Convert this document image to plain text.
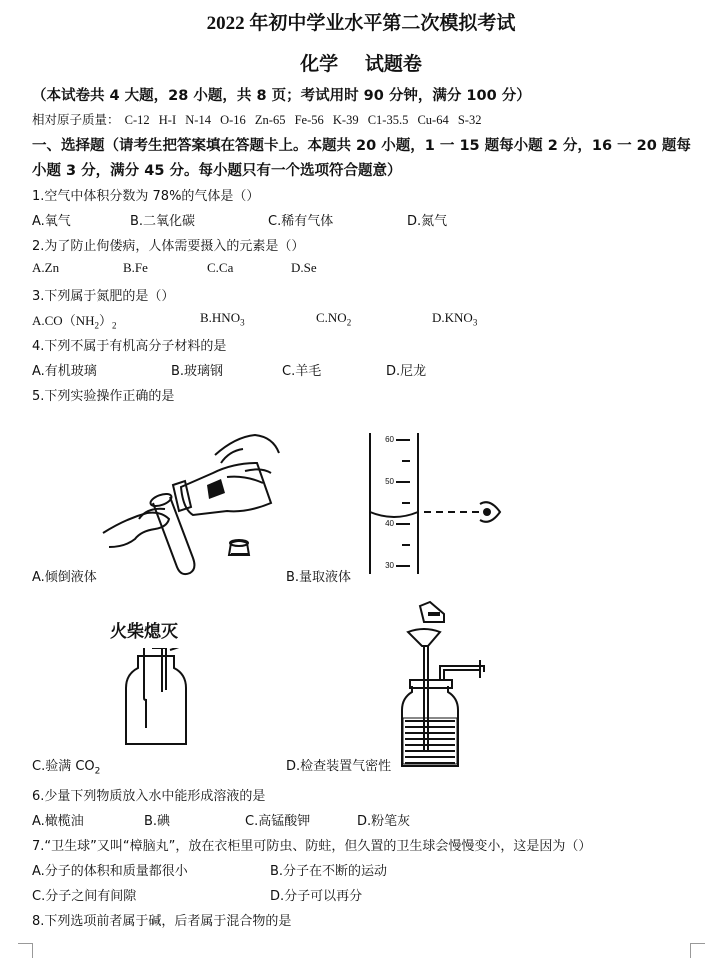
2022 年初中学业水平第二次模拟考试
化学 试题卷
（本试卷共 4 大题，28 小题，共 8 页；考试用时 90 分钟，满分 100 分）
相对原子质量： C-12 H-I N-14 O-16 Zn-65 Fe-56 K-39 C1-35.5 Cu-64 S-32
一、选择题（请考生把答案填在答题卡上。本题共 20 小题，1 一 15 题每小题 2 分，16 一 20 题每小题 3 分，满分 45 分。每小题只有一个选项符合题意）
1.空气中体积分数为 78%的气体是（）
A.氧气	B.二氧化碳	C.稀有气体	D.氮气
2.为了防止佝偻病，人体需要摄入的元素是（）
A.Zn	B.Fe	C.Ca	D.Se
3.下列属于氮肥的是（）
$A.CO(NH_2)_2$
$B.HNO_3$	$C.NO_2$	$D.KNO_3$
4.下列不属于有机高分子材料的是
A.有机玻璃	B.玻璃钢	C.羊毛	D.尼龙
5.下列实验操作正确的是
A.倾倒液体
60
50
40
30
B.量取液体
火柴熄灭
C.验满 $CO_2$	D.检查装置气密性
6.少量下列物质放入水中能形成溶液的是
A.橄榄油	B.碘	C.高锰酸钾	D.粉笔灰
7.“卫生球”又叫“樟脑丸”，放在衣柜里可防虫、防蛀，但久置的卫生球会慢慢变小，这是因为（）
A.分子的体积和质量都很小	B.分子在不断的运动
C.分子之间有间隙	D.分子可以再分
8.下列选项前者属于碱，后者属于混合物的是
